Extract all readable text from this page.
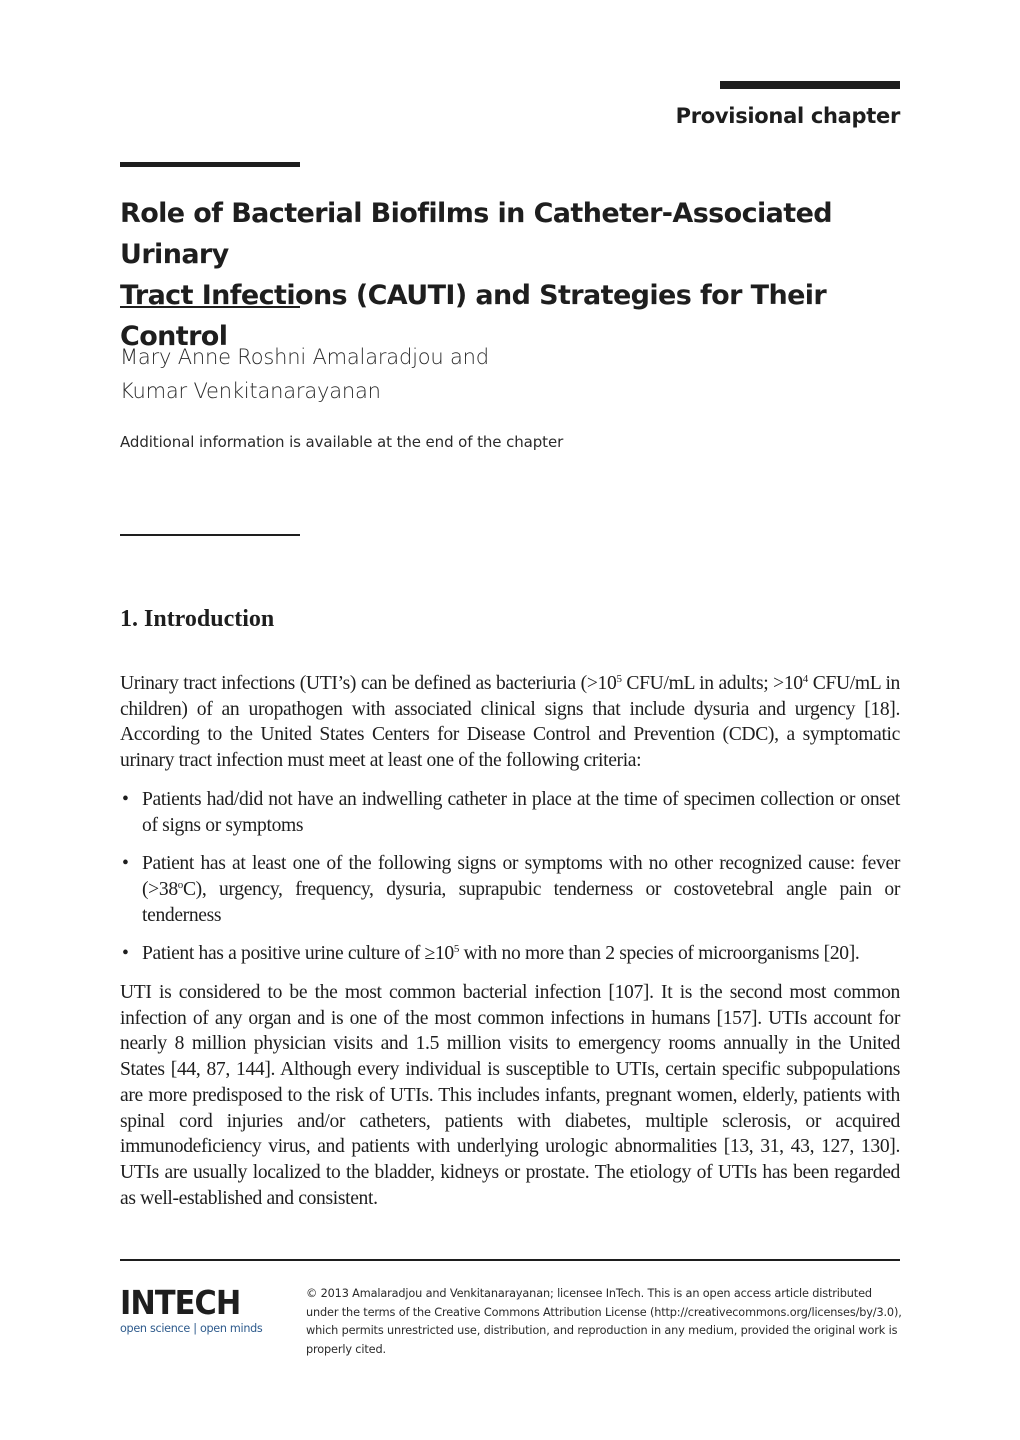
Provisional chapter
Role of Bacterial Biofilms in Catheter-Associated Urinary
Tract Infections (CAUTI) and Strategies for Their Control
Mary Anne Roshni Amalaradjou and
Kumar Venkitanarayanan
Additional information is available at the end of the chapter
1. Introduction

Urinary tract infections (UTI’s) can be defined as bacteriuria ($>10^5$ CFU/mL in adults; $>10^4$ CFU/mL in children) of an uropathogen with associated clinical signs that include dysuria and urgency [18]. According to the United States Centers for Disease Control and Prevention (CDC), a symptomatic urinary tract infection must meet at least one of the following criteria:

• Patients had/did not have an indwelling catheter in place at the time of specimen collection or onset of signs or symptoms
• Patient has at least one of the following signs or symptoms with no other recognized cause: fever $(>38^oC)$, urgency, frequency, dysuria, suprapubic tenderness or costovetebral angle pain or tenderness
• Patient has a positive urine culture of $\ge 10^5$ with no more than 2 species of microorganisms [20].

UTI is considered to be the most common bacterial infection [107]. It is the second most common infection of any organ and is one of the most common infections in humans [157]. UTIs account for nearly 8 million physician visits and 1.5 million visits to emergency rooms annually in the United States [44, 87, 144]. Although every individual is susceptible to UTIs, certain specific subpopulations are more predisposed to the risk of UTIs. This includes infants, pregnant women, elderly, patients with spinal cord injuries and/or catheters, patients with diabetes, multiple sclerosis, or acquired immunodeficiency virus, and patients with underlying urologic abnormalities [13, 31, 43, 127, 130]. UTIs are usually localized to the bladder, kidneys or prostate. The etiology of UTIs has been regarded as well-established and consistent.

INTECH
open science | open minds
© 2013 Amalaradjou and Venkitanarayanan; licensee InTech. This is an open access article distributed under the terms of the Creative Commons Attribution License (http://creativecommons.org/licenses/by/3.0), which permits unrestricted use, distribution, and reproduction in any medium, provided the original work is properly cited.
